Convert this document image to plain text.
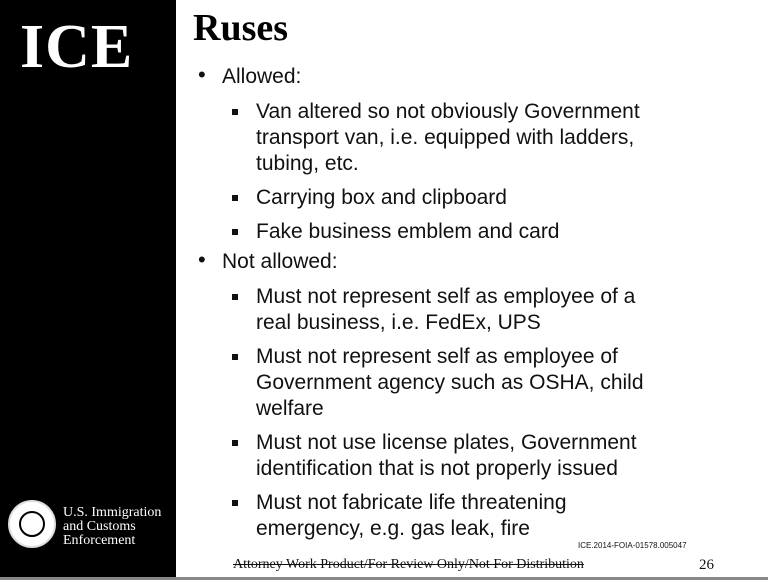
ICE
U.S. Immigration
and Customs
Enforcement
Ruses
• Allowed:
Van altered so not obviously Government
transport van, i.e. equipped with ladders,
tubing, etc.
Carrying box and clipboard
Fake business emblem and card
• Not allowed:
Must not represent self as employee of a
real business, i.e. FedEx, UPS
Must not represent self as employee of
Government agency such as OSHA, child
welfare
Must not use license plates, Government
identification that is not properly issued
Must not fabricate life threatening
emergency, e.g. gas leak, fire
ICE.2014-FOIA-01578.005047
Attorney Work Product/For Review Only/Not For Distribution	26
